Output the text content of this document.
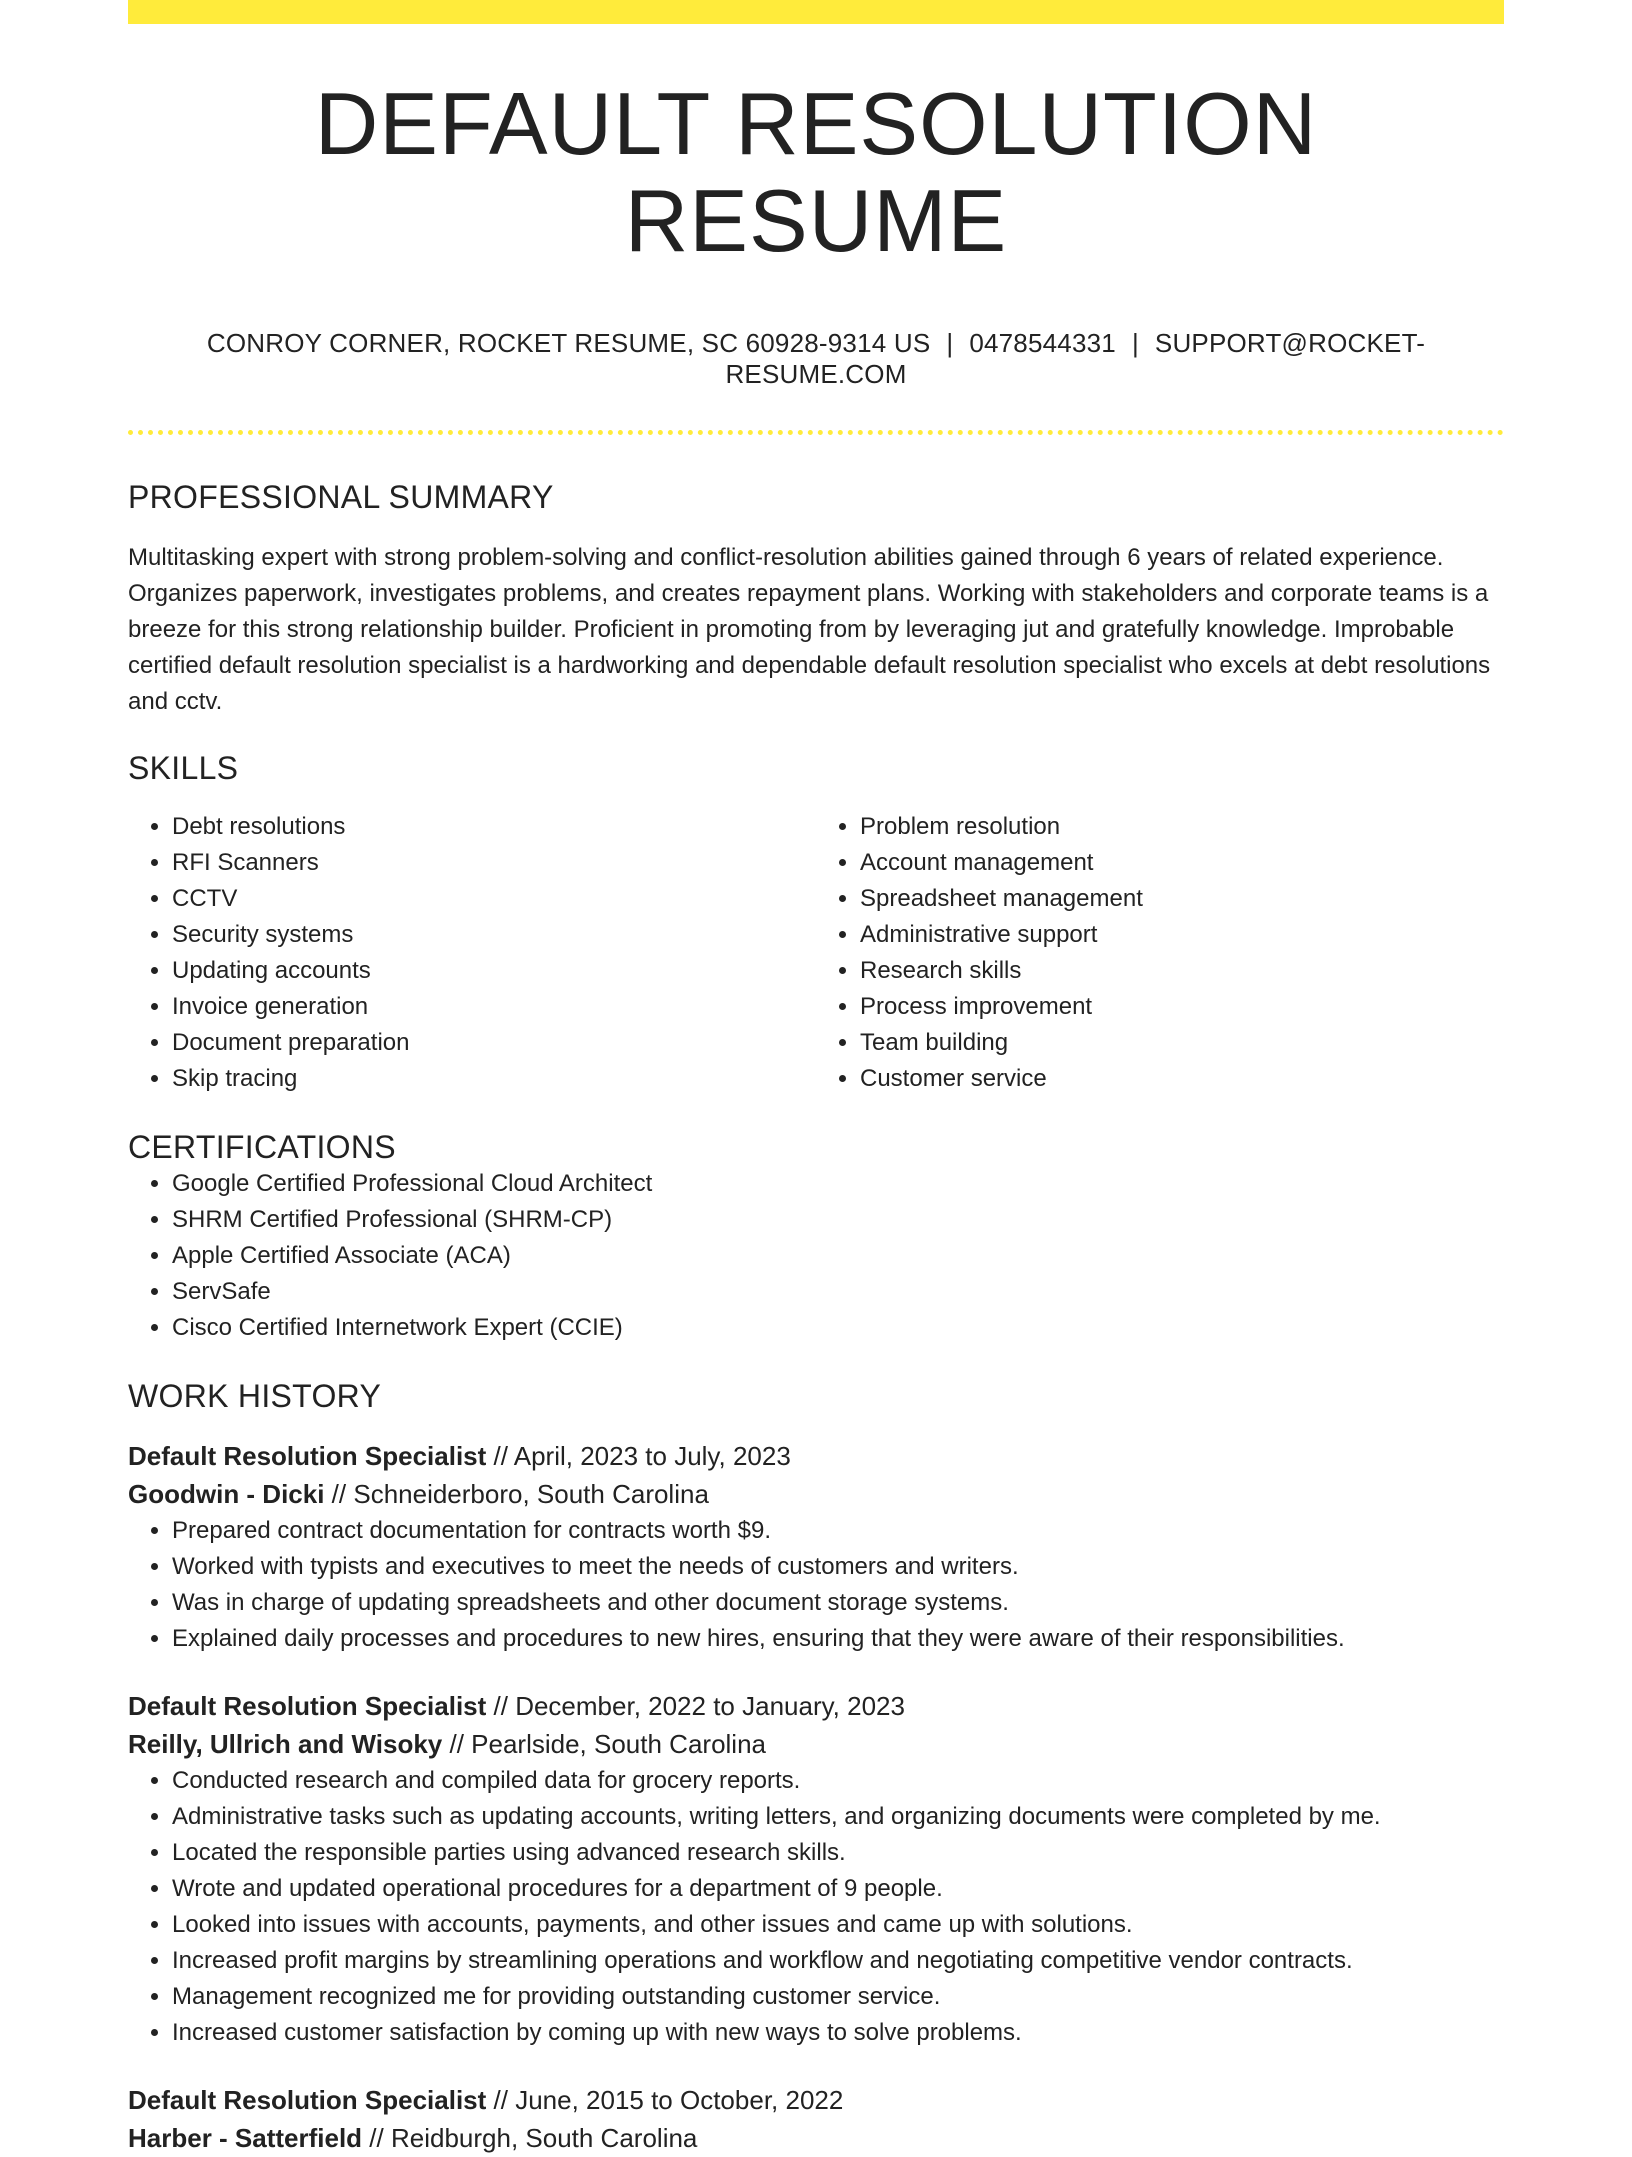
DEFAULT RESOLUTION RESUME
CONROY CORNER, ROCKET RESUME, SC 60928-9314 US | 0478544331 | SUPPORT@ROCKET-RESUME.COM
PROFESSIONAL SUMMARY
Multitasking expert with strong problem-solving and conflict-resolution abilities gained through 6 years of related experience. Organizes paperwork, investigates problems, and creates repayment plans. Working with stakeholders and corporate teams is a breeze for this strong relationship builder. Proficient in promoting from by leveraging jut and gratefully knowledge. Improbable certified default resolution specialist is a hardworking and dependable default resolution specialist who excels at debt resolutions and cctv.
SKILLS
• Debt resolutions
• RFI Scanners
• CCTV
• Security systems
• Updating accounts
• Invoice generation
• Document preparation
• Skip tracing
• Problem resolution
• Account management
• Spreadsheet management
• Administrative support
• Research skills
• Process improvement
• Team building
• Customer service
CERTIFICATIONS
• Google Certified Professional Cloud Architect
• SHRM Certified Professional (SHRM-CP)
• Apple Certified Associate (ACA)
• ServSafe
• Cisco Certified Internetwork Expert (CCIE)
WORK HISTORY
Default Resolution Specialist // April, 2023 to July, 2023
Goodwin - Dicki // Schneiderboro, South Carolina
• Prepared contract documentation for contracts worth $9.
• Worked with typists and executives to meet the needs of customers and writers.
• Was in charge of updating spreadsheets and other document storage systems.
• Explained daily processes and procedures to new hires, ensuring that they were aware of their responsibilities.
Default Resolution Specialist // December, 2022 to January, 2023
Reilly, Ullrich and Wisoky // Pearlside, South Carolina
• Conducted research and compiled data for grocery reports.
• Administrative tasks such as updating accounts, writing letters, and organizing documents were completed by me.
• Located the responsible parties using advanced research skills.
• Wrote and updated operational procedures for a department of 9 people.
• Looked into issues with accounts, payments, and other issues and came up with solutions.
• Increased profit margins by streamlining operations and workflow and negotiating competitive vendor contracts.
• Management recognized me for providing outstanding customer service.
• Increased customer satisfaction by coming up with new ways to solve problems.
Default Resolution Specialist // June, 2015 to October, 2022
Harber - Satterfield // Reidburgh, South Carolina
